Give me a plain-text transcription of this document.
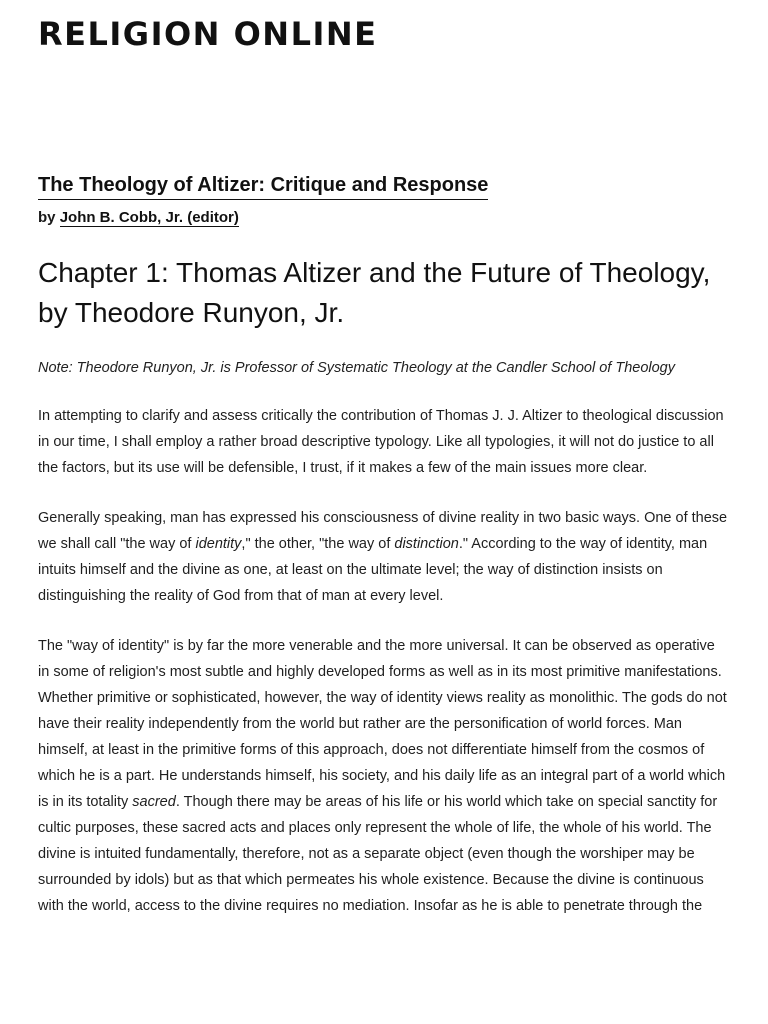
RELIGION ONLINE
The Theology of Altizer: Critique and Response
by John B. Cobb, Jr. (editor)
Chapter 1: Thomas Altizer and the Future of Theology, by Theodore Runyon, Jr.

Note: Theodore Runyon, Jr. is Professor of Systematic Theology at the Candler School of Theology

In attempting to clarify and assess critically the contribution of Thomas J. J. Altizer to theological discussion in our time, I shall employ a rather broad descriptive typology. Like all typologies, it will not do justice to all the factors, but its use will be defensible, I trust, if it makes a few of the main issues more clear.

Generally speaking, man has expressed his consciousness of divine reality in two basic ways. One of these we shall call "the way of identity," the other, "the way of distinction." According to the way of identity, man intuits himself and the divine as one, at least on the ultimate level; the way of distinction insists on distinguishing the reality of God from that of man at every level.

The "way of identity" is by far the more venerable and the more universal. It can be observed as operative in some of religion's most subtle and highly developed forms as well as in its most primitive manifestations. Whether primitive or sophisticated, however, the way of identity views reality as monolithic. The gods do not have their reality independently from the world but rather are the personification of world forces. Man himself, at least in the primitive forms of this approach, does not differentiate himself from the cosmos of which he is a part. He understands himself, his society, and his daily life as an integral part of a world which is in its totality sacred. Though there may be areas of his life or his world which take on special sanctity for cultic purposes, these sacred acts and places only represent the whole of life, the whole of his world. The divine is intuited fundamentally, therefore, not as a separate object (even though the worshiper may be surrounded by idols) but as that which permeates his whole existence. Because the divine is continuous with the world, access to the divine requires no mediation. Insofar as he is able to penetrate through the
